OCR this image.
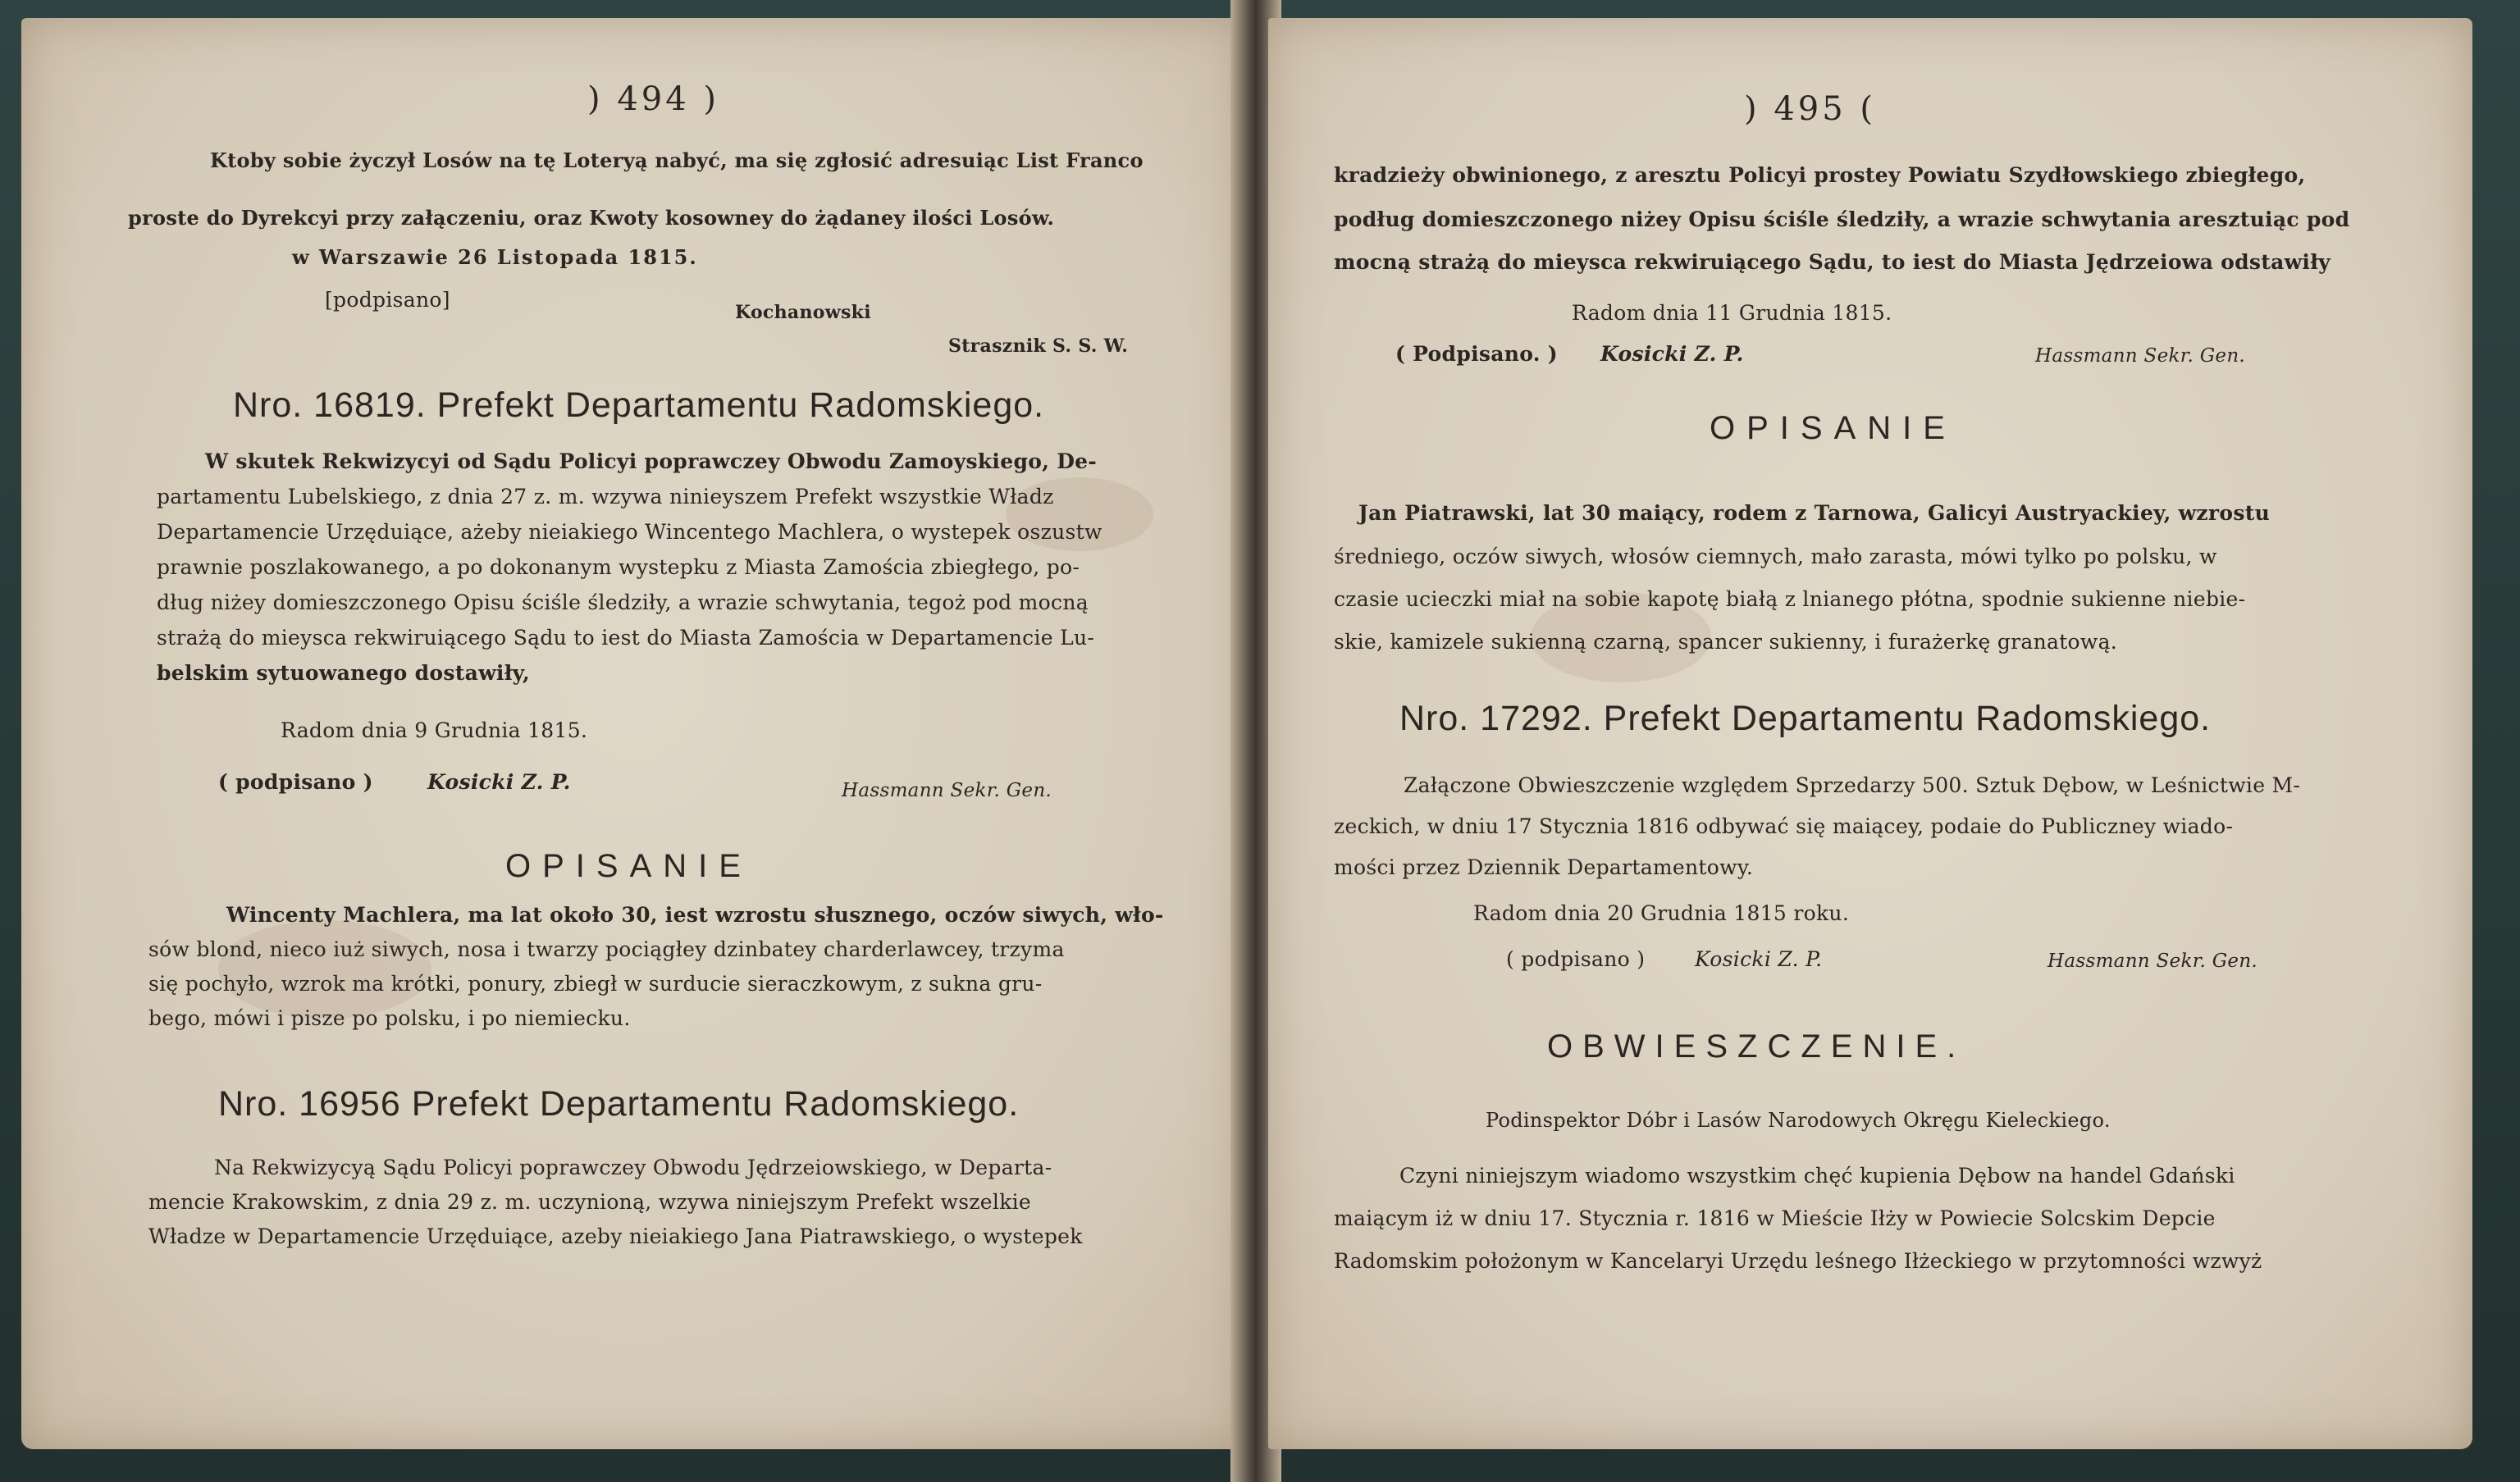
) 494 )
Ktoby sobie życzył Losów na tę Loteryą nabyć, ma się zgłosić adresuiąc List Franco
proste do Dyrekcyi przy załączeniu, oraz Kwoty kosowney do żądaney ilości Losów.
w Warszawie 26 Listopada 1815.
[podpisano]
Kochanowski
Strasznik S. S. W.
Nro. 16819. Prefekt Departamentu Radomskiego.
W skutek Rekwizycyi od Sądu Policyi poprawczey Obwodu Zamoyskiego, De-
partamentu Lubelskiego, z dnia 27 z. m. wzywa ninieyszem Prefekt wszystkie Władz
Departamencie Urzęduiące, ażeby nieiakiego Wincentego Machlera, o wystepek oszustw
prawnie poszlakowanego, a po dokonanym wystepku z Miasta Zamościa zbiegłego, po-
dług niżey domieszczonego Opisu ściśle śledziły, a wrazie schwytania, tegoż pod mocną
strażą do mieysca rekwiruiącego Sądu to iest do Miasta Zamościa w Departamencie Lu-
belskim sytuowanego dostawiły,
Radom dnia 9 Grudnia 1815.
( podpisano )	Kosicki Z. P.	Hassmann Sekr. Gen.
OPISANIE
Wincenty Machlera, ma lat około 30, iest wzrostu słusznego, oczów siwych, wło-
sów blond, nieco iuż siwych, nosa i twarzy pociągłey dzinbatey charderlawcey, trzyma
się pochyło, wzrok ma krótki, ponury, zbiegł w surducie sieraczkowym, z sukna gru-
bego, mówi i pisze po polsku, i po niemiecku.
Nro. 16956 Prefekt Departamentu Radomskiego.
Na Rekwizycyą Sądu Policyi poprawczey Obwodu Jędrzeiowskiego, w Departa-
mencie Krakowskim, z dnia 29 z. m. uczynioną, wzywa niniejszym Prefekt wszelkie
Władze w Departamencie Urzęduiące, azeby nieiakiego Jana Piatrawskiego, o wystepek
) 495 (
kradzieży obwinionego, z aresztu Policyi prostey Powiatu Szydłowskiego zbiegłego,
podług domieszczonego niżey Opisu ściśle śledziły, a wrazie schwytania aresztuiąc pod
mocną strażą do mieysca rekwiruiącego Sądu, to iest do Miasta Jędrzeiowa odstawiły
Radom dnia 11 Grudnia 1815.
( Podpisano. ) Kosicki Z. P.	Hassmann Sekr. Gen.
OPISANIE
Jan Piatrawski, lat 30 maiący, rodem z Tarnowa, Galicyi Austryackiey, wzrostu
średniego, oczów siwych, włosów ciemnych, mało zarasta, mówi tylko po polsku, w
czasie ucieczki miał na sobie kapotę białą z lnianego płótna, spodnie sukienne niebie-
skie, kamizele sukienną czarną, spancer sukienny, i furażerkę granatową.
Nro. 17292. Prefekt Departamentu Radomskiego.
Załączone Obwieszczenie względem Sprzedarzy 500. Sztuk Dębow, w Leśnictwie M-
zeckich, w dniu 17 Stycznia 1816 odbywać się maiącey, podaie do Publiczney wiado-
mości przez Dziennik Departamentowy.
Radom dnia 20 Grudnia 1815 roku.
( podpisano ) Kosicki Z. P.	Hassmann Sekr. Gen.
OBWIESZCZENIE.
Podinspektor Dóbr i Lasów Narodowych Okręgu Kieleckiego.
Czyni niniejszym wiadomo wszystkim chęć kupienia Dębow na handel Gdański
maiącym iż w dniu 17. Stycznia r. 1816 w Mieście Iłży w Powiecie Solcskim Depcie
Radomskim położonym w Kancelaryi Urzędu leśnego Iłżeckiego w przytomności wzwyż
